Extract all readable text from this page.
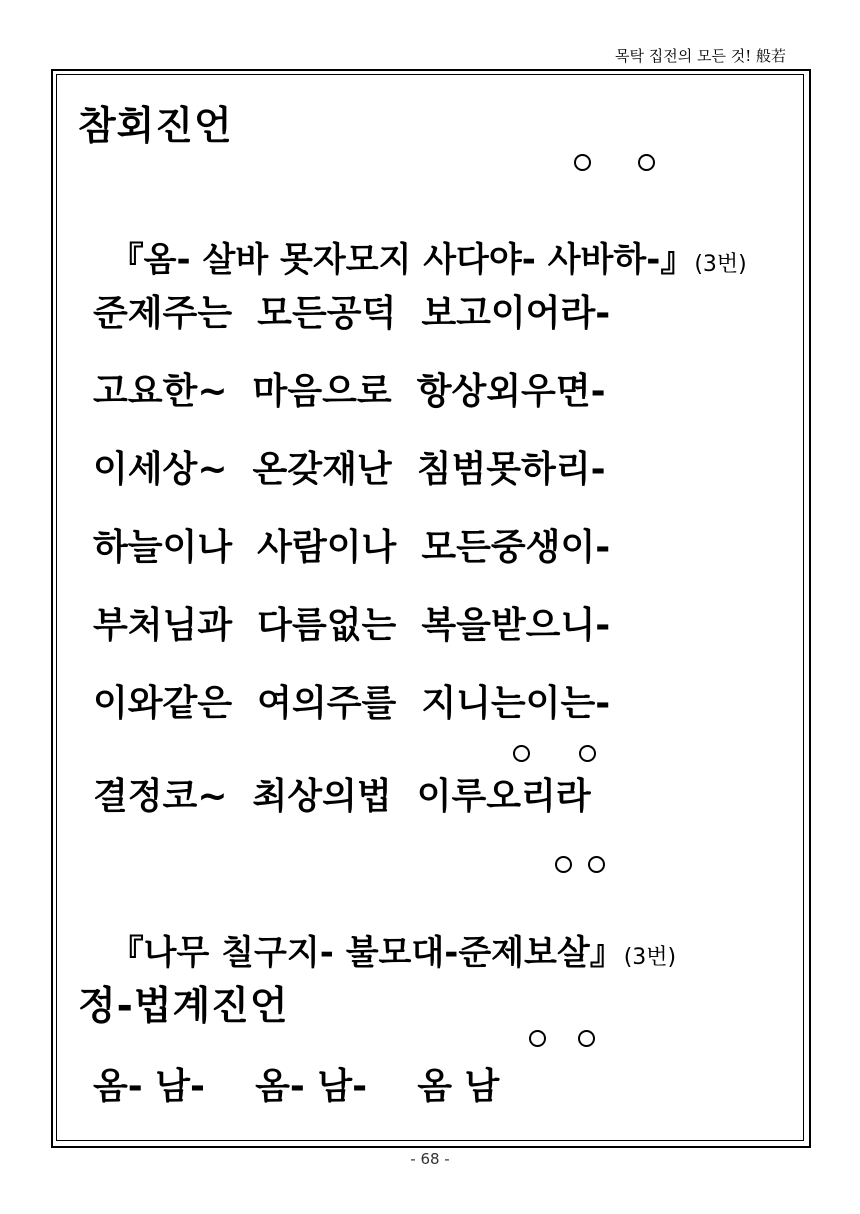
목탁 집전의 모든 것! 般若
참회진언

『옴- 살바 못자모지 사다야- 사바하-』(3번)

준제주는  모든공덕  보고이어라-
고요한~  마음으로  항상외우면-
이세상~  온갖재난  침범못하리-
하늘이나  사람이나  모든중생이-
부처님과  다름없는  복을받으니-
이와같은  여의주를  지니는이는-
결정코~  최상의법  이루오리라

『나무 칠구지- 불모대-준제보살』(3번)

정-법계진언
옴- 남-    옴- 남-    옴 남
- 68 -
